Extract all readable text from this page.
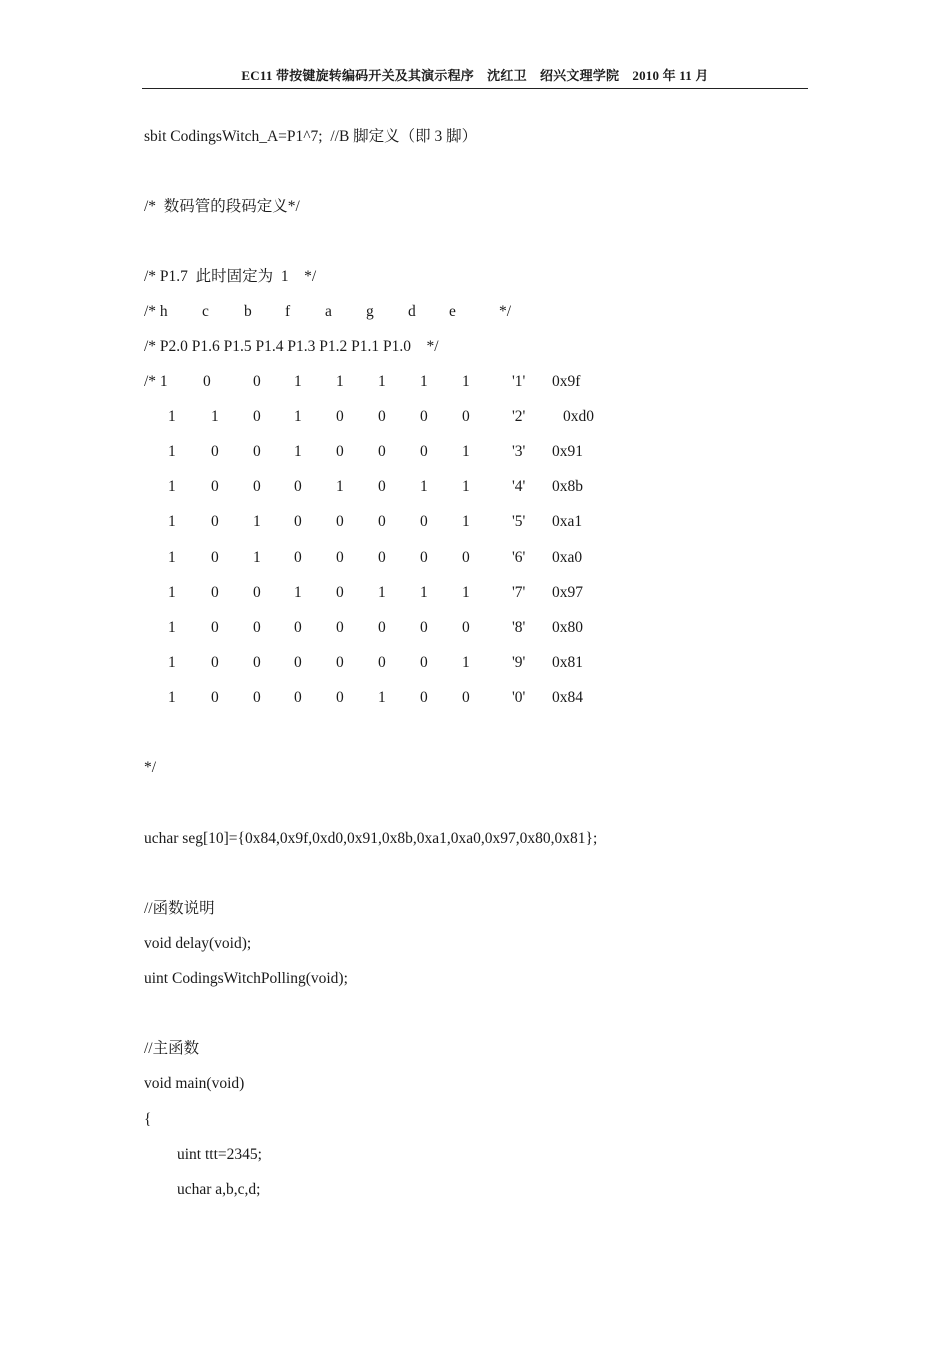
EC11 带按键旋转编码开关及其演示程序　沈红卫　绍兴文理学院　2010 年 11 月
sbit CodingsWitch_A=P1^7;  //B 脚定义（即 3 脚）
/*  数码管的段码定义*/
/* P1.7  此时固定为  1    */
/* h c b f a g d e	*/
/* P2.0 P1.6 P1.5 P1.4 P1.3 P1.2 P1.1 P1.0    */
/* 1 0	0 1 1 1 1 1	'1' 0x9f
1 1 0 1 0 0 0 0	'2' 0xd0
1 0 0 1 0 0 0 1	'3' 0x91
1 0 0 0 1 0 1 1	'4' 0x8b
1 0 1 0 0 0 0 1	'5' 0xa1
1 0 1 0 0 0 0 0	'6' 0xa0
1 0 0 1 0 1 1 1	'7' 0x97
1 0 0 0 0 0 0 0	'8' 0x80
1 0 0 0 0 0 0 1	'9' 0x81
1 0 0 0 0 1 0 0	'0' 0x84
*/
uchar seg[10]={0x84,0x9f,0xd0,0x91,0x8b,0xa1,0xa0,0x97,0x80,0x81};
//函数说明
void delay(void);
uint CodingsWitchPolling(void);
//主函数
void main(void)
{
uint ttt=2345;
uchar a,b,c,d;
